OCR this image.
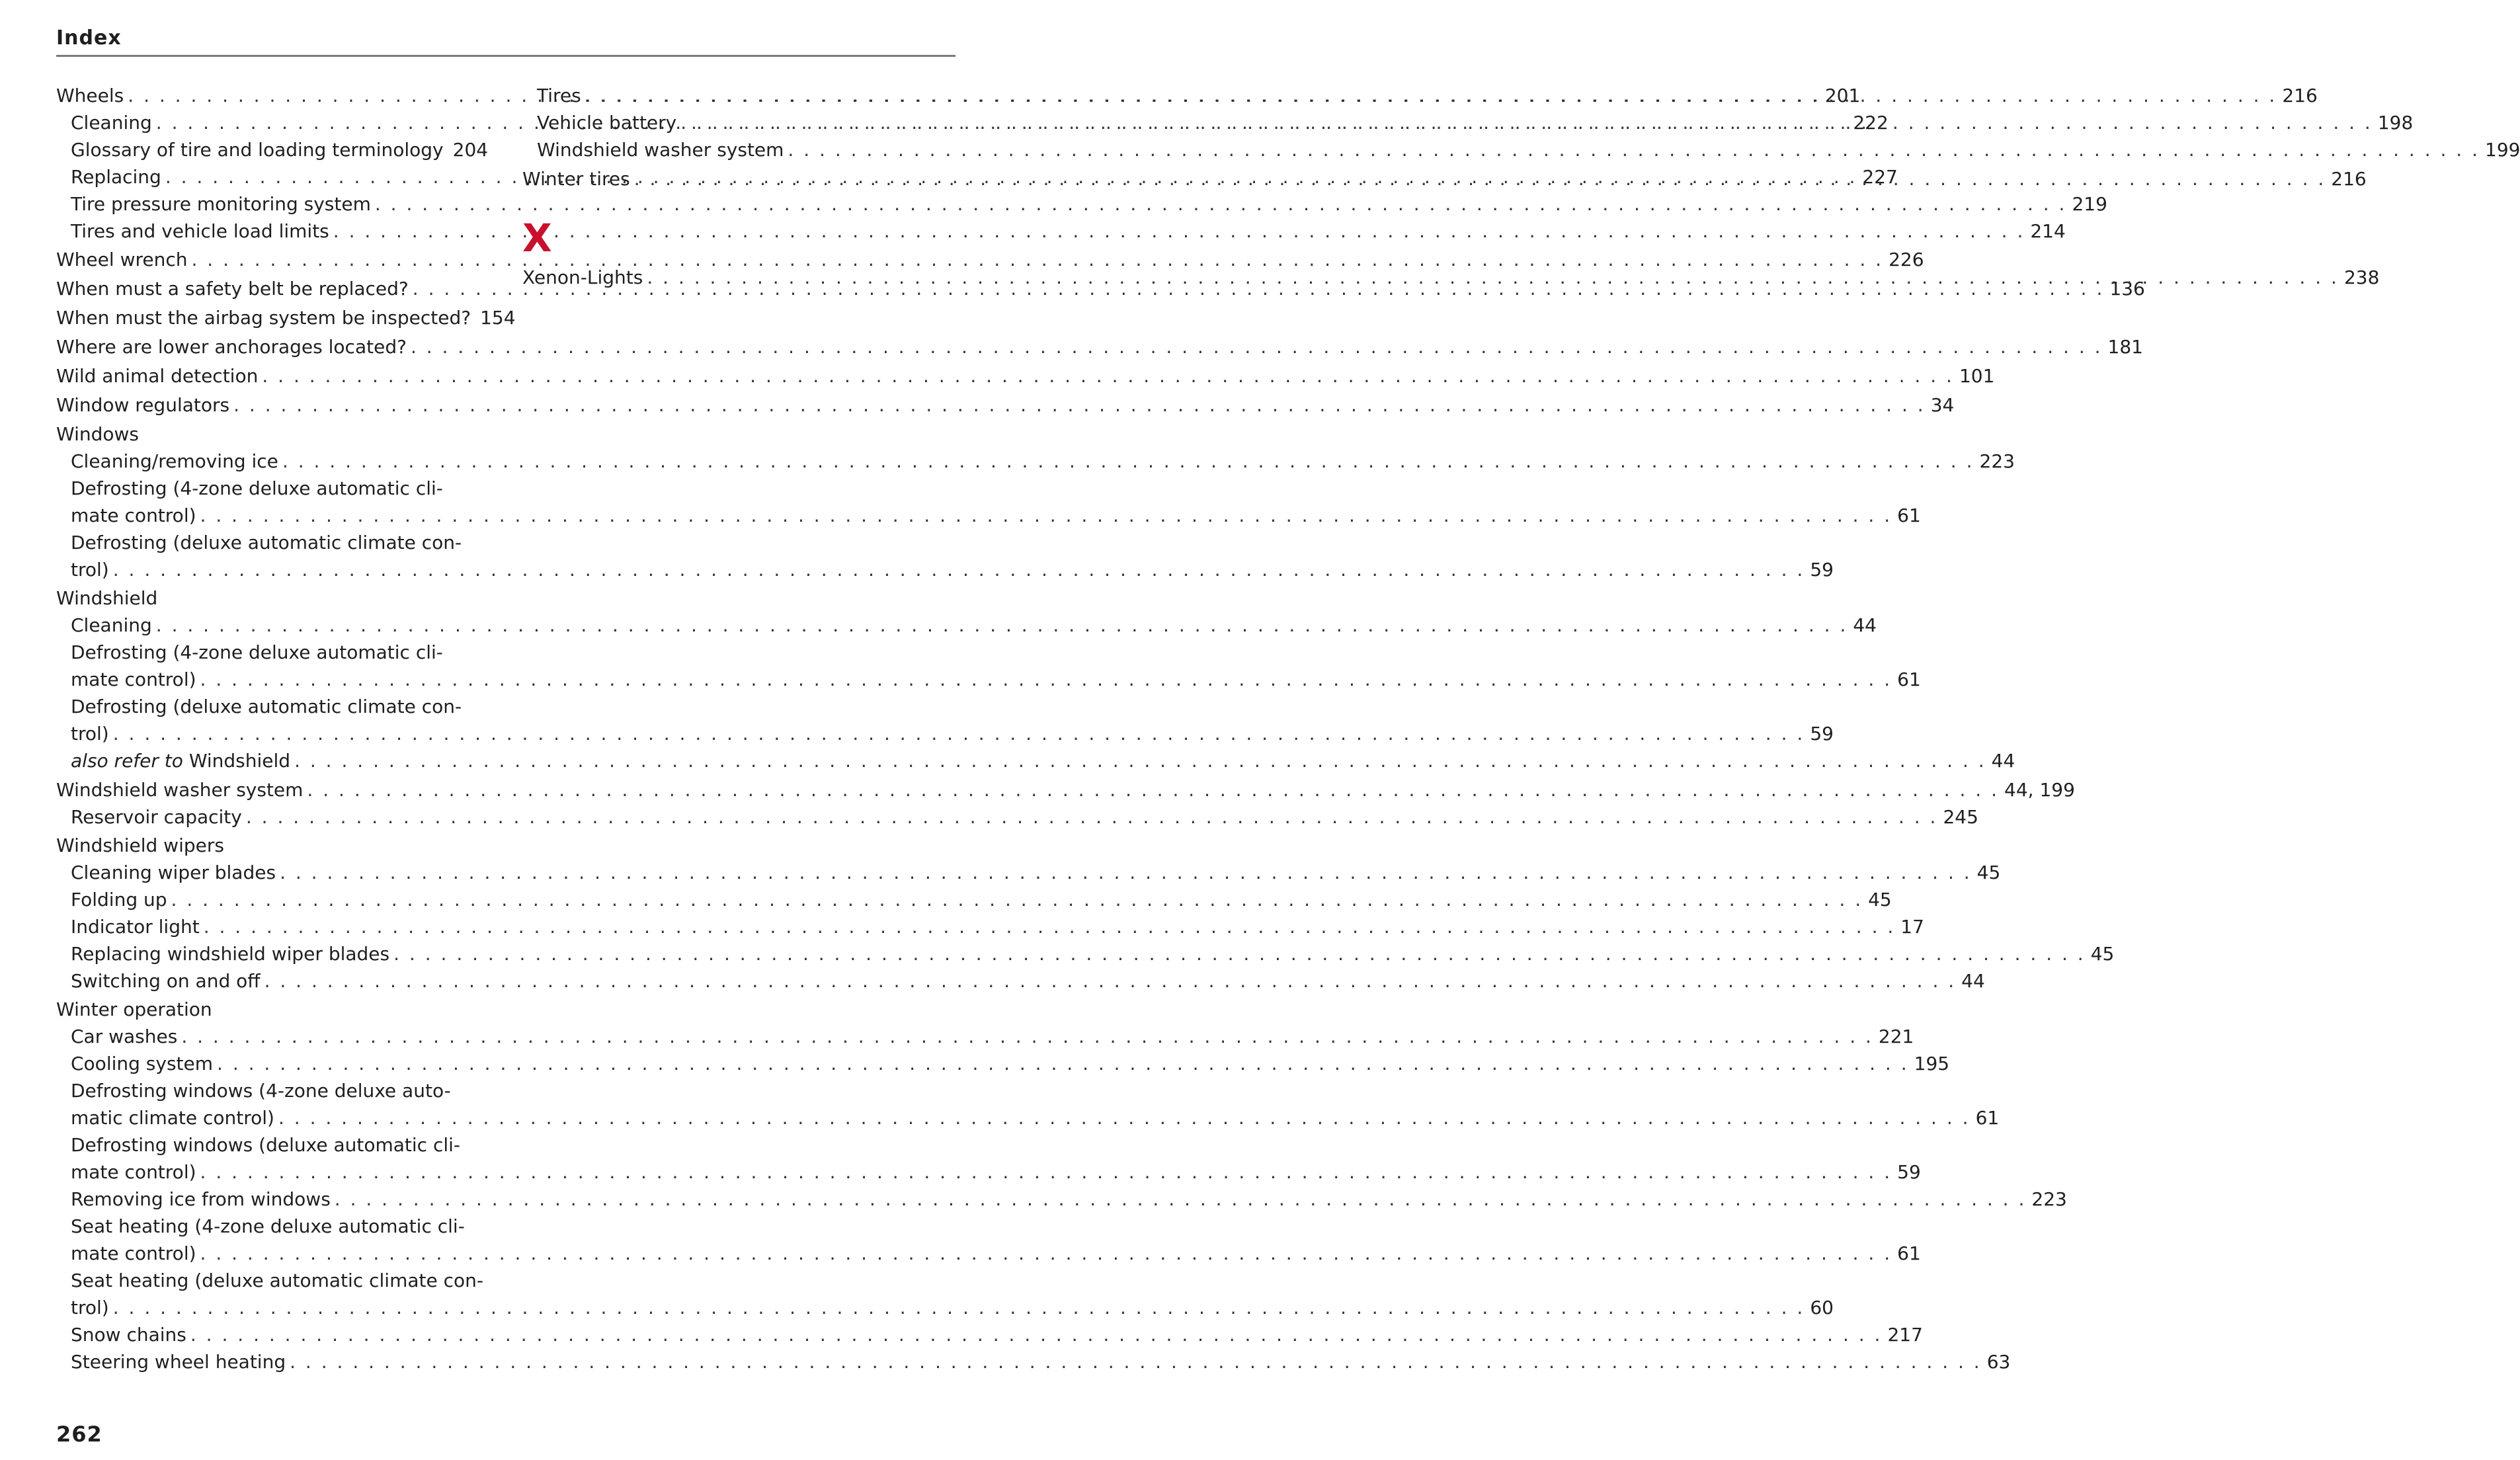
Index
Wheels . . .	201
Cleaning . . .	222
Glossary of tire and loading terminology 204
Replacing . . .	227
Tire pressure monitoring system . . .	219
Tires and vehicle load limits . . .	214
Wheel wrench . . .	226
When must a safety belt be replaced? . . .	136
When must the airbag system be inspected? 154
Where are lower anchorages located? . . .	181
Wild animal detection . . .	101
Window regulators . . .	34
Windows
Cleaning/removing ice . . .	223
Defrosting (4-zone deluxe automatic cli-
mate control) . . .	61
Defrosting (deluxe automatic climate con-
trol) . . .	59
Windshield
Cleaning . . .	44
Defrosting (4-zone deluxe automatic cli-
mate control) . . .	61
Defrosting (deluxe automatic climate con-
trol) . . .	59
also refer to Windshield . . .	44
Windshield washer system . . .	44, 199
Reservoir capacity . . .	245
Windshield wipers
Cleaning wiper blades . . .	45
Folding up . . .	45
Indicator light . . .	17
Replacing windshield wiper blades . . .	45
Switching on and off . . .	44
Winter operation
Car washes . . .	221
Cooling system . . .	195
Defrosting windows (4-zone deluxe auto-
matic climate control) . . .	61
Defrosting windows (deluxe automatic cli-
mate control) . . .	59
Removing ice from windows . . .	223
Seat heating (4-zone deluxe automatic cli-
mate control) . . .	61
Seat heating (deluxe automatic climate con-
trol) . . .	60
Snow chains . . .	217
Steering wheel heating . . .	63
Tires . . .	216
Vehicle battery . . .	198
Windshield washer system . . .	199
Winter tires . . .	216
Xenon-Lights . . .	238
X
262
